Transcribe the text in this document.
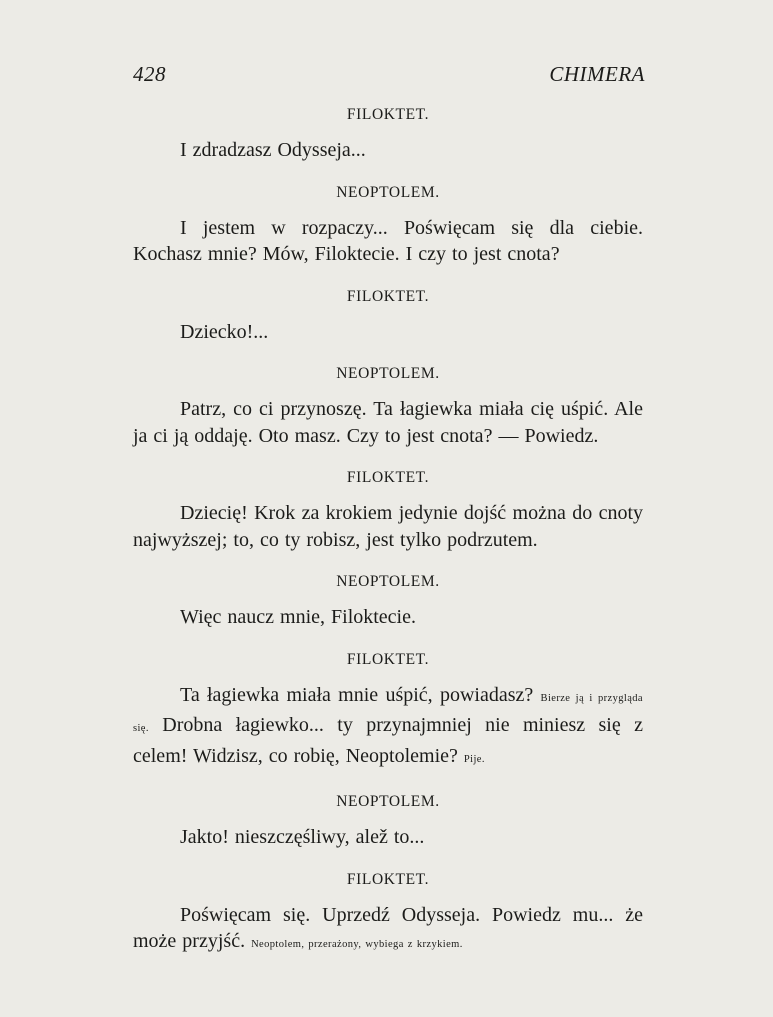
428	CHIMERA

FILOKTET.

I zdradzasz Odysseja...

NEOPTOLEM.

I jestem w rozpaczy... Poświęcam się dla ciebie. Kochasz mnie? Mów, Filoktecie. I czy to jest cnota?

FILOKTET.

Dziecko!...

NEOPTOLEM.

Patrz, co ci przynoszę. Ta łagiewka miała cię uśpić. Ale ja ci ją oddaję. Oto masz. Czy to jest cnota? — Powiedz.

FILOKTET.

Dziecię! Krok za krokiem jedynie dojść można do cnoty najwyższej; to, co ty robisz, jest tylko podrzutem.

NEOPTOLEM.

Więc naucz mnie, Filoktecie.

FILOKTET.

Ta łagiewka miała mnie uśpić, powiadasz? Bierze ją i przygląda się. Drobna łagiewko... ty przynajmniej nie miniesz się z celem! Widzisz, co robię, Neoptolemie? Pije.

NEOPTOLEM.

Jakto! nieszczęśliwy, alež to...

FILOKTET.

Poświęcam się. Uprzedź Odysseja. Powiedz mu... że może przyjść. Neoptolem, przerażony, wybiega z krzykiem.
